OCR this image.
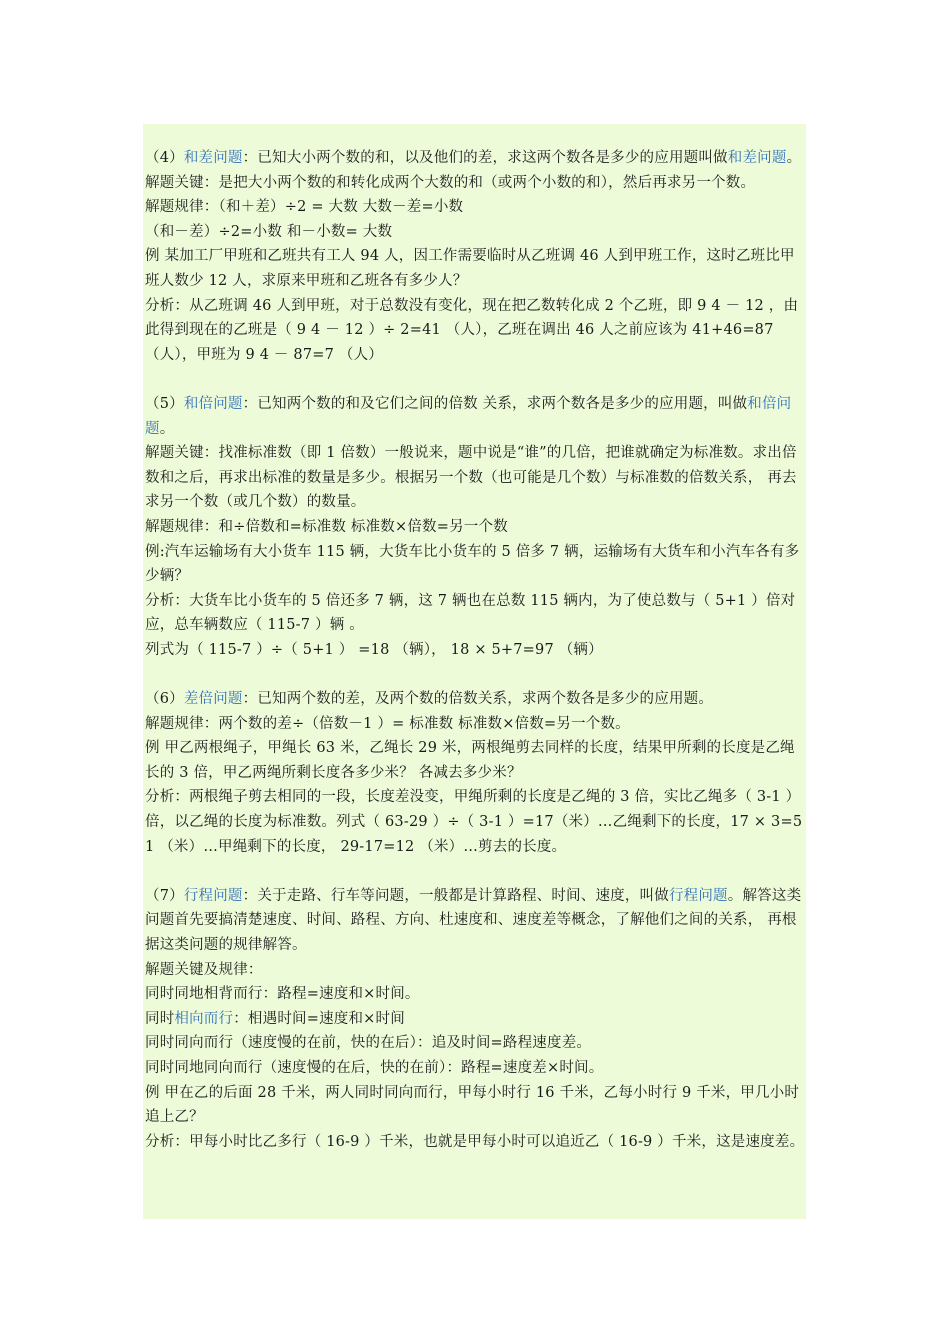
（4）和差问题：已知大小两个数的和，以及他们的差，求这两个数各是多少的应用题叫做和差问题。
解题关键：是把大小两个数的和转化成两个大数的和（或两个小数的和），然后再求另一个数。
解题规律：（和＋差）÷2 = 大数 大数－差=小数
（和－差）÷2=小数 和－小数= 大数
例 某加工厂甲班和乙班共有工人 94 人，因工作需要临时从乙班调 46 人到甲班工作，这时乙班比甲班人数少 12 人，求原来甲班和乙班各有多少人？
分析：从乙班调 46 人到甲班，对于总数没有变化，现在把乙数转化成 2 个乙班，即 9 4 － 12 ，由此得到现在的乙班是（ 9 4 － 12 ）÷ 2=41 （人），乙班在调出 46 人之前应该为 41+46=87 （人），甲班为 9 4 － 87=7 （人）
（5）和倍问题：已知两个数的和及它们之间的倍数 关系，求两个数各是多少的应用题，叫做和倍问题。
解题关键：找准标准数（即 1 倍数）一般说来，题中说是“谁”的几倍，把谁就确定为标准数。求出倍数和之后，再求出标准的数量是多少。根据另一个数（也可能是几个数）与标准数的倍数关系， 再去求另一个数（或几个数）的数量。
解题规律：和÷倍数和=标准数 标准数×倍数=另一个数
例:汽车运输场有大小货车 115 辆，大货车比小货车的 5 倍多 7 辆，运输场有大货车和小汽车各有多少辆？
分析：大货车比小货车的 5 倍还多 7 辆，这 7 辆也在总数 115 辆内，为了使总数与（ 5+1 ）倍对应，总车辆数应（ 115-7 ）辆 。
列式为（ 115-7 ）÷（ 5+1 ） =18 （辆）， 18 × 5+7=97 （辆）
（6）差倍问题：已知两个数的差，及两个数的倍数关系，求两个数各是多少的应用题。
解题规律：两个数的差÷（倍数－1 ）= 标准数 标准数×倍数=另一个数。
例 甲乙两根绳子，甲绳长 63 米，乙绳长 29 米，两根绳剪去同样的长度，结果甲所剩的长度是乙绳 长的 3 倍，甲乙两绳所剩长度各多少米？ 各减去多少米？
分析：两根绳子剪去相同的一段，长度差没变，甲绳所剩的长度是乙绳的 3 倍，实比乙绳多（ 3-1 ）倍，以乙绳的长度为标准数。列式（ 63-29 ）÷（ 3-1 ）=17（米）…乙绳剩下的长度，17 × 3=51 （米）…甲绳剩下的长度， 29-17=12 （米）…剪去的长度。
（7）行程问题：关于走路、行车等问题，一般都是计算路程、时间、速度，叫做行程问题。解答这类问题首先要搞清楚速度、时间、路程、方向、杜速度和、速度差等概念，了解他们之间的关系， 再根据这类问题的规律解答。
解题关键及规律：
同时同地相背而行：路程=速度和×时间。
同时相向而行：相遇时间=速度和×时间
同时同向而行（速度慢的在前，快的在后）：追及时间=路程速度差。
同时同地同向而行（速度慢的在后，快的在前）：路程=速度差×时间。
例 甲在乙的后面 28 千米，两人同时同向而行，甲每小时行 16 千米，乙每小时行 9 千米，甲几小时追上乙？
分析：甲每小时比乙多行（ 16-9 ）千米，也就是甲每小时可以追近乙（ 16-9 ）千米，这是速度差。
